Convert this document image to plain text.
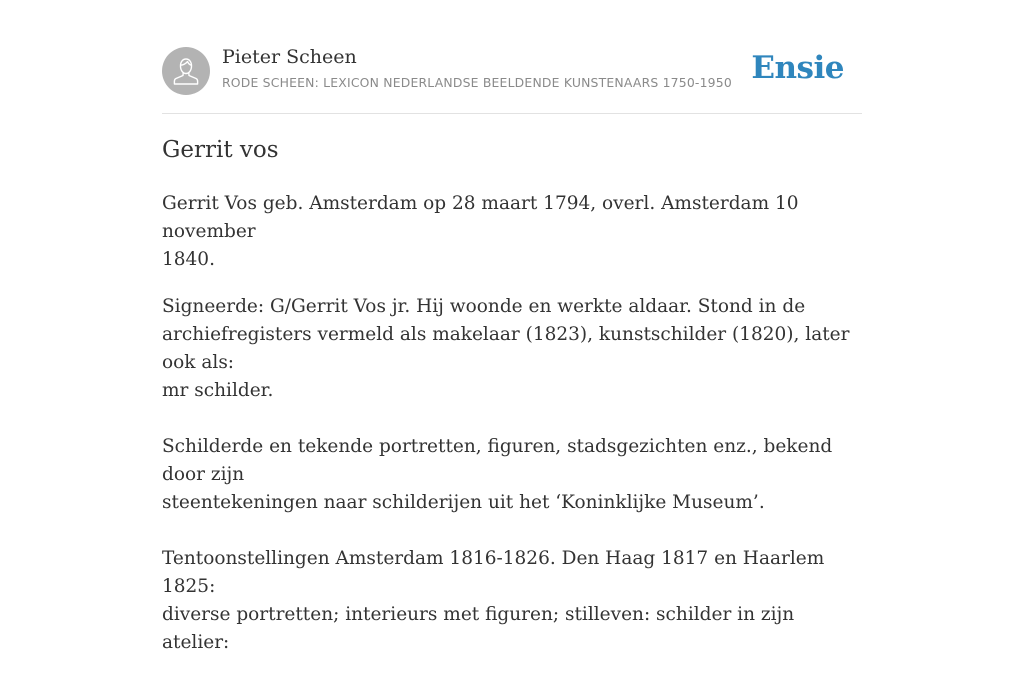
Pieter Scheen
RODE SCHEEN: LEXICON NEDERLANDSE BEELDENDE KUNSTENAARS 1750-1950 Ensie
Gerrit vos

Gerrit Vos geb. Amsterdam op 28 maart 1794, overl. Amsterdam 10 november
1840.

Signeerde: G/Gerrit Vos jr. Hij woonde en werkte aldaar. Stond in de
archiefregisters vermeld als makelaar (1823), kunstschilder (1820), later ook als:
mr schilder.

Schilderde en tekende portretten, figuren, stadsgezichten enz., bekend door zijn
steentekeningen naar schilderijen uit het ‘Koninklijke Museum’.

Tentoonstellingen Amsterdam 1816-1826. Den Haag 1817 en Haarlem 1825:
diverse portretten; interieurs met figuren; stilleven: schilder in zijn atelier:
